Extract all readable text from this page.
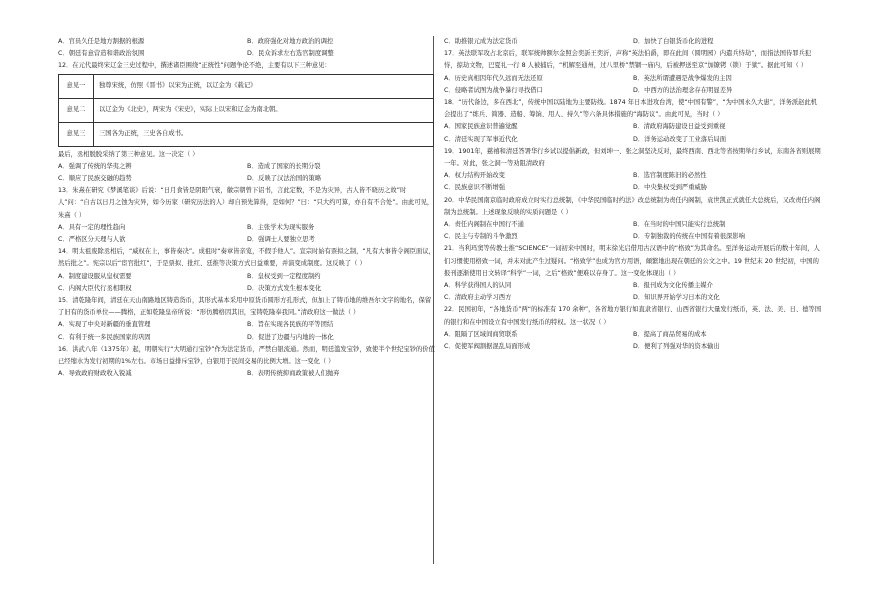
A．官员久任是地方割据的根源	B．政府强化对地方政治的调控
C．朝廷有意营造和谐政治氛围	D．民众诉求左右选官制度调整

12．在元代最终宋辽金三史过程中，撰述诸臣围绕“正统性”问题争论不绝，主要有以下三种意见：

意见一	独尊宋统，仿照《晋书》以宋为正统，以辽金为《载记》
意见二	以辽金为《北史》，两宋为《宋史》，实际上以宋和辽金为南北朝。
意见三	三国各为正统，三史各自成书。

最后，丞相脱脱采纳了第三种意见。这一决定（ ）

A．强调了传统的华夷之辨	B．造成了国家的长期分裂
C．顺应了民族交融的趋势	D．反映了汉法治国的策略

13．朱熹在研究《梦溪笔谈》后说：“日月食皆是阴阳气衰，徽宗朝曾下诏书，言此定数，不是为灾异，古人皆不晓历之故”时人”问：“自古以日月之蚀为灾异，如今历家（研究历法的人）却自预先算得，是如何？”曰：“只大约可算，亦自有不合处”。由此可见，朱熹（ ）

A．具有一定的理性趋向	B．主张学术为现实服务
C．严格区分天理与人欲	D．强调士人要独立思考

14．明太祖废除丞相后，“威权在上，事皆奏决”。成祖时“奏章皆亲览，不假手他人”。宣宗时始有票拟之制，“凡有大事皆令阁臣面议，然后批之”。宪宗以后“宦官批红”，于是票拟、批红、廷推等决策方式日益重要，并演变成制度。这反映了（ ）

A．制度建设服从皇权需要	B．皇权受到一定程度制约
C．内阁大臣代行丞相职权	D．决策方式发生根本变化

15．清乾隆年间，清廷在天山南路地区铸造货币，其形式基本采用中原货币圆形方孔形式，但加上了铸币地的维吾尔文字的地名，保留了旧有的货币单位——腾格，正如乾隆皇帝所说：“形仿腾格因其旧，宝铸乾隆奉我同。”清政府这一做法（ ）

A．实现了中央对新疆的垂直管理	B．旨在实现各民族的平等团结
C．有利于统一多民族国家的巩固	D．促进了边疆与内地的一体化

16．洪武八年（1375年）起，明朝实行“大明通行宝钞”作为法定货币，严禁白银流通。然而，明廷滥发宝钞，致使半个世纪宝钞的价值已经缩水为发行初期的1%左右。市场日益排斥宝钞，白银用于民间交易的比例大增。这一变化（ ）

A．导致政府财政收入锐减	B．表明传统抑商政策被人们抛弃
C．助推银元成为法定货币	D．加快了白银货币化的进程

17．英法联军攻占北京后，联军统帅额尔金照会奕訢王奕沂，声称“英法伯爵，即在此间（圆明园）内遣兵恃劫”，而指法国侍罪兵犯恃，掠劫文物，巴夏礼一行 8 人被捕后，“机解至通州，过八里桥”禁锢一庙内，后被押送至京“加镣铐（锁）于狱”。据此可知（ ）

A．历史真相因年代久远而无法还原	B．英法所谓遭遇是战争爆发的主因
C．侵略者试图为战争暴行寻找借口	D．中西方的法治理念存在明显差异

18．“历代备边，多在西北”，传统中国以陆地为主要防线。1874 年日本进攻台湾，使“中国有警”，“为中国永久大患”，洋务派赵此机会提出了“练兵、简器、造船、筹饷、用人、持久”等六条具体措施的“海防议”。由此可见，当时（ ）

A．国家民族意识普遍觉醒	B．清政府海防建设日益受到重视
C．清廷实现了军事近代化	D．洋务运动改变了工业落后局面

19．1901年，慈禧和清廷答署华行乡试以提倡新政，但刘坤一、张之洞坚决反对，最终西南、西北等省按期举行乡试，东南各省则展期一年。对此，张之洞一等劝阻清政府

A．权力结构开始改变	B．选官制度陈旧的必然性
C．民族意识不断增强	D．中央集权受到严重威胁

20．中华民国南京临时政府成立时实行总统制，《中华民国临时约法》改总统制为责任内阁制，袁世凯正式就任大总统后，又改责任内阁制为总统制。上述现象反映的实质问题是（ ）

A．责任内阁制在中国行不通	B．在当时的中国只能实行总统制
C．民主与专制的斗争激烈	D．专制独裁的传统在中国有着很深影响

21．当利玛窦等传教士推“SCIENCE”一词初来中国时，明末徐光启借用古汉语中的“格致”为其命名。至洋务运动开展后的数十年间，人们习惯使用格致一词，并未对此产生过疑问。“格致学”也成为官方用语，頗繁地出现在朝廷的公文之中。19 世纪末 20 世纪初，中国的报刊逐渐使用日文转译“科学”一词，之后“格致”便难以存身了。这一变化体现出（ ）

A．科学获得国人的认同	B．报刊成为文化传播主媒介
C．清政府主动学习西方	D．知识界开始学习日本的文化

22．民国初年，“各地货币”两“的标准有 170 余种”，各省地方银行如直隶省银行、山西省银行大量发行纸币，英、法、美、日、德等国的银行和在中国设立有中国发行纸币的特权。这一状况（ ）

A．阻隔了区域间商贸联系	B．提高了商品贸易的成本
C．促使军阀割据混乱局面形成	D．便利了列强对华的资本输出
